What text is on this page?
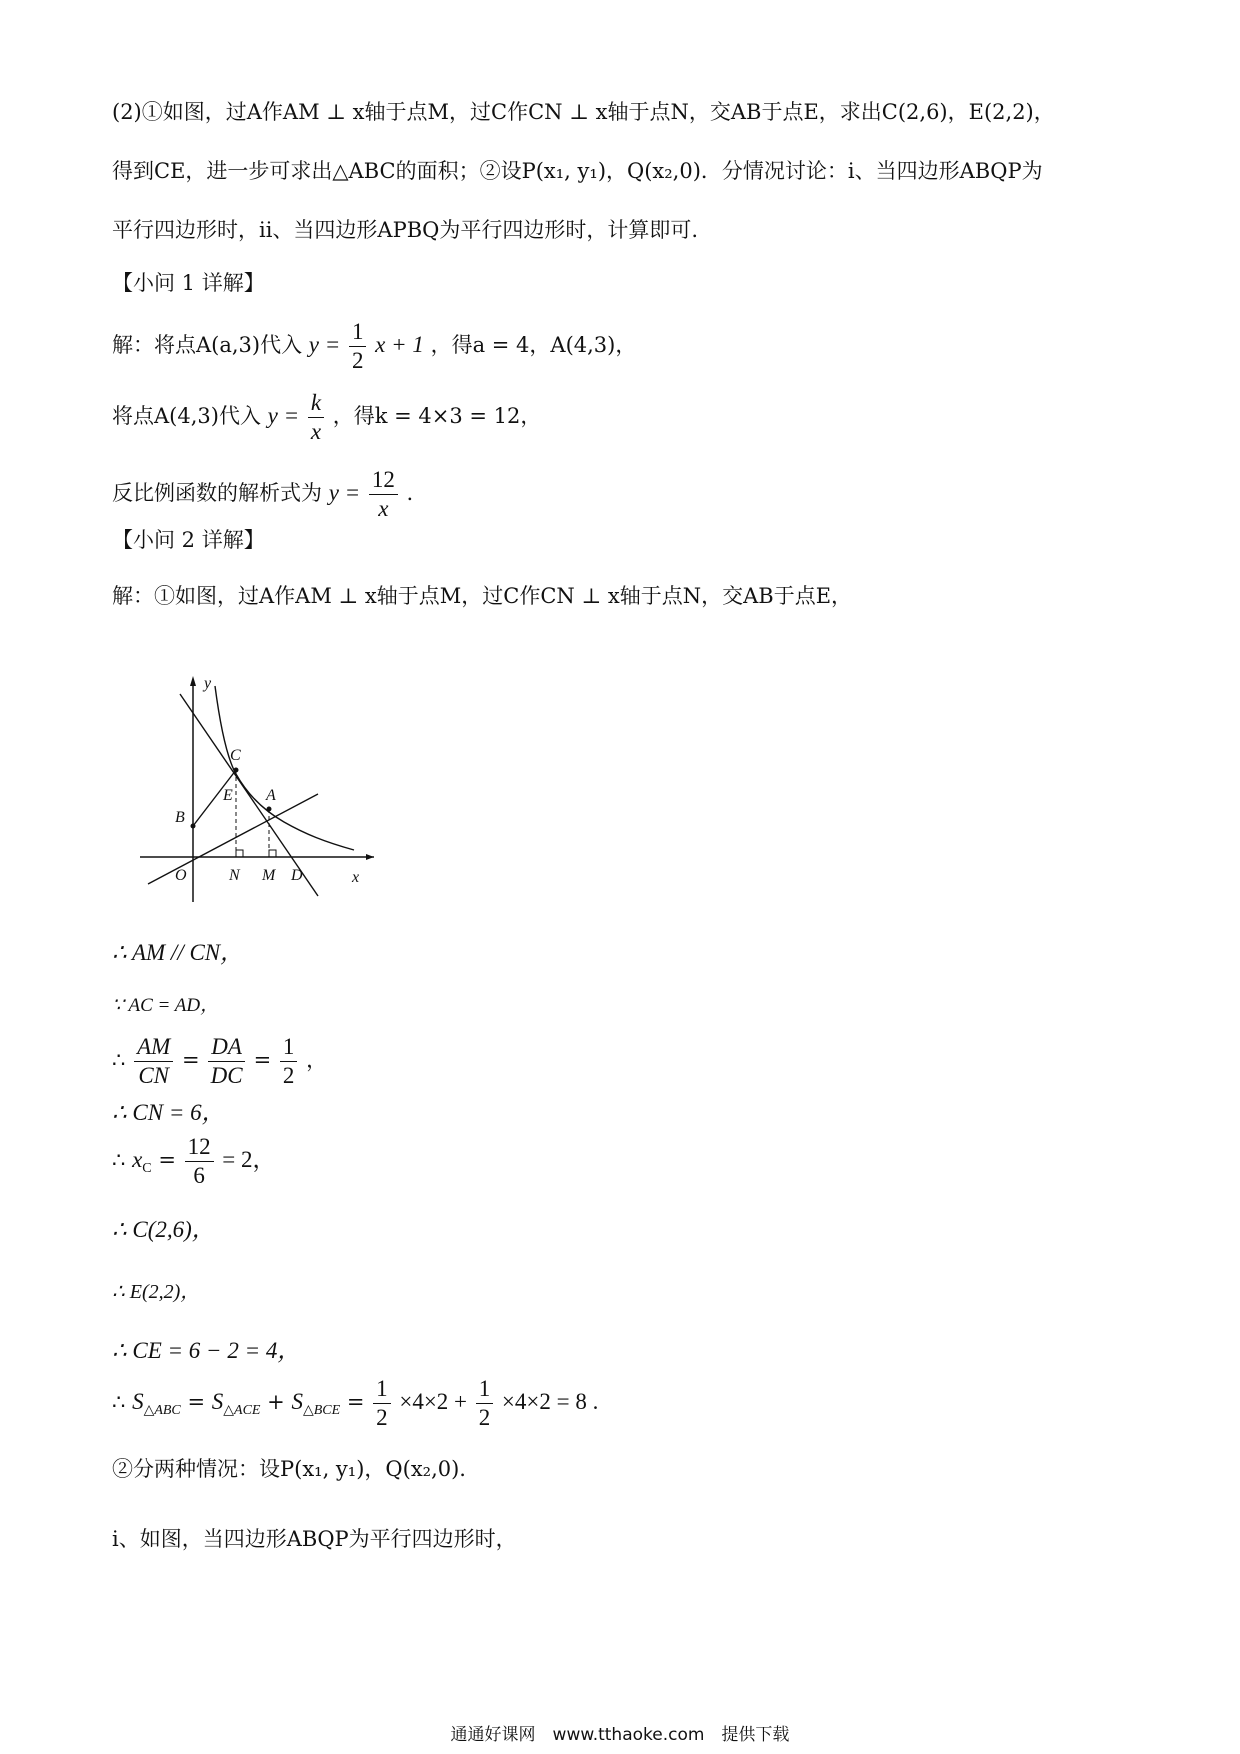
(2)①如图，过A作AM ⊥ x轴于点M，过C作CN ⊥ x轴于点N，交AB于点E，求出C(2,6)，E(2,2)，
得到CE，进一步可求出△ABC的面积；②设P(x₁, y₁)，Q(x₂,0)．分情况讨论：ⅰ、当四边形ABQP为
平行四边形时，ⅱ、当四边形APBQ为平行四边形时，计算即可.
【小问 1 详解】
解：将点A(a,3)代入 $y = \frac{1}{2}$ x + 1 ，得a = 4，A(4,3)，
将点A(4,3)代入 $y = \frac{k}{x}$ ，得k = 4×3 = 12，
反比例函数的解析式为 $y = \frac{12}{x}$ .
【小问 2 详解】
解：①如图，过A作AM ⊥ x轴于点M，过C作CN ⊥ x轴于点N，交AB于点E，
y
C
A
E
B
O	N M D	x
∴ AM // CN，
∵ AC = AD，
∴ $\frac{AM}{CN} = \frac{DA}{DC} = \frac{1}{2}$ ，
∴ CN = 6，
∴ $x_C = \frac{12}{6} = 2$，
∴ C(2,6)，
∴ E(2,2)，
∴ CE = 6 − 2 = 4，
∴ $S_{\triangle ABC} = S_{\triangle ACE} + S_{\triangle BCE} = \frac{1}{2} \times 4\times 2 + \frac{1}{2} \times 4\times 2 = 8$ .
②分两种情况：设P(x₁, y₁)，Q(x₂,0).
ⅰ、如图，当四边形ABQP为平行四边形时，
通通好课网　www.tthaoke.com　提供下载
